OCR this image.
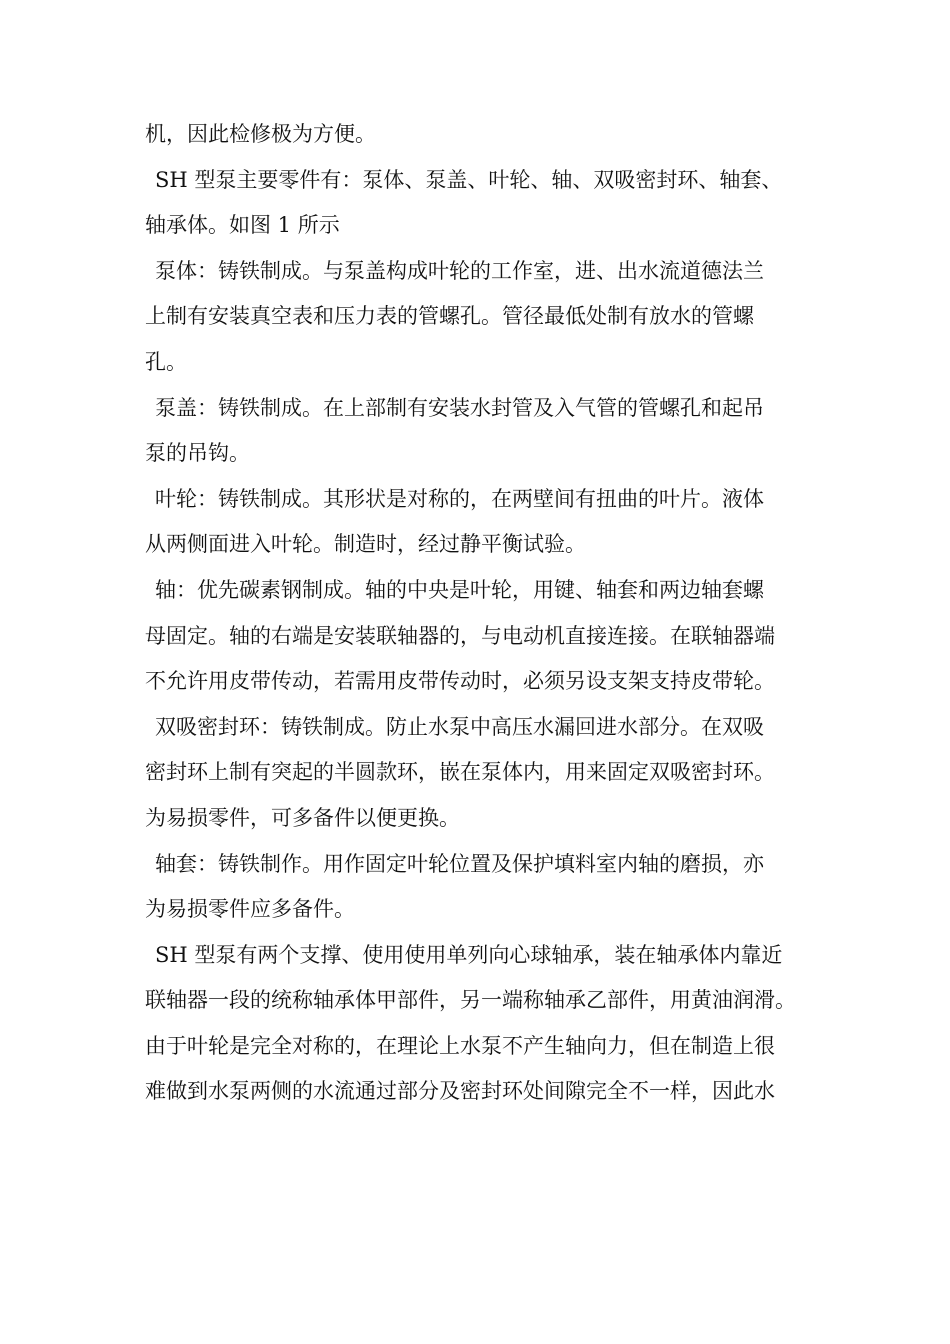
机，因此检修极为方便。
SH 型泵主要零件有：泵体、泵盖、叶轮、轴、双吸密封环、轴套、
轴承体。如图 1 所示
泵体：铸铁制成。与泵盖构成叶轮的工作室，进、出水流道德法兰
上制有安装真空表和压力表的管螺孔。管径最低处制有放水的管螺
孔。
泵盖：铸铁制成。在上部制有安装水封管及入气管的管螺孔和起吊
泵的吊钩。
叶轮：铸铁制成。其形状是对称的，在两壁间有扭曲的叶片。液体
从两侧面进入叶轮。制造时，经过静平衡试验。
轴：优先碳素钢制成。轴的中央是叶轮，用键、轴套和两边轴套螺
母固定。轴的右端是安装联轴器的，与电动机直接连接。在联轴器端
不允许用皮带传动，若需用皮带传动时，必须另设支架支持皮带轮。
双吸密封环：铸铁制成。防止水泵中高压水漏回进水部分。在双吸
密封环上制有突起的半圆款环，嵌在泵体内，用来固定双吸密封环。
为易损零件，可多备件以便更换。
轴套：铸铁制作。用作固定叶轮位置及保护填料室内轴的磨损，亦
为易损零件应多备件。
SH 型泵有两个支撑、使用使用单列向心球轴承，装在轴承体内靠近
联轴器一段的统称轴承体甲部件，另一端称轴承乙部件，用黄油润滑。
由于叶轮是完全对称的，在理论上水泵不产生轴向力，但在制造上很
难做到水泵两侧的水流通过部分及密封环处间隙完全不一样，因此水
